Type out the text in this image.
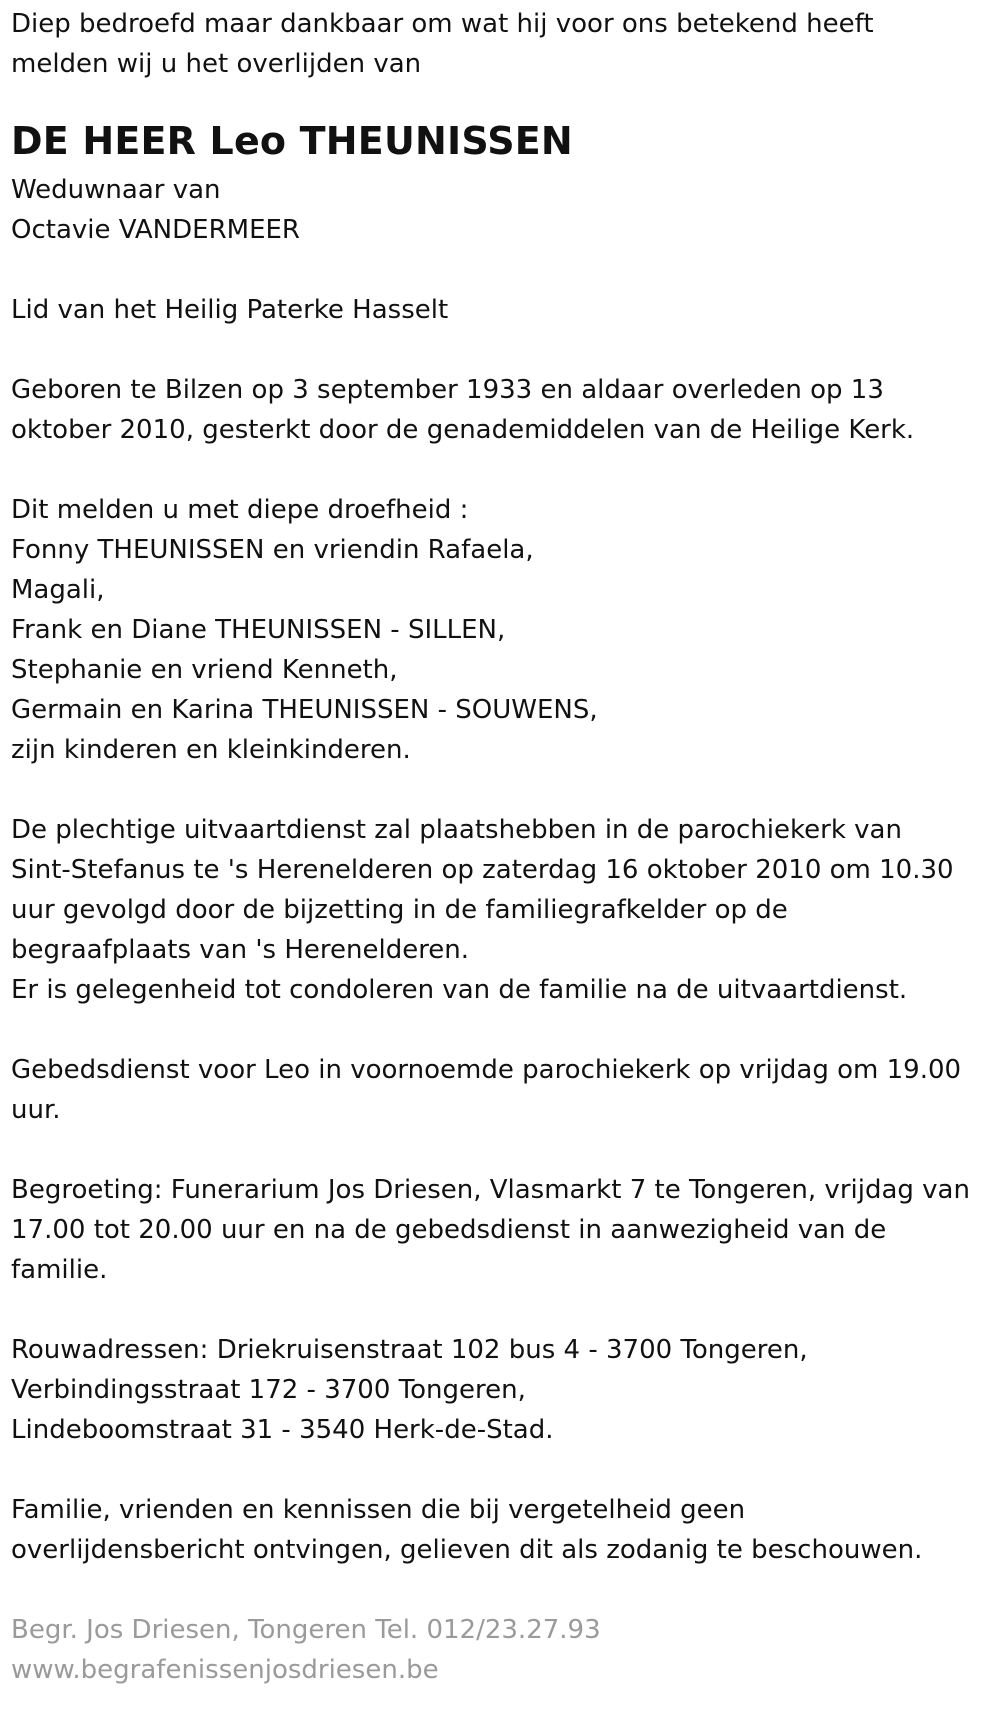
Diep bedroefd maar dankbaar om wat hij voor ons betekend heeft
melden wij u het overlijden van
DE HEER Leo THEUNISSEN
Weduwnaar van
Octavie VANDERMEER
Lid van het Heilig Paterke Hasselt
Geboren te Bilzen op 3 september 1933 en aldaar overleden op 13
oktober 2010, gesterkt door de genademiddelen van de Heilige Kerk.
Dit melden u met diepe droefheid :
Fonny THEUNISSEN en vriendin Rafaela,
Magali,
Frank en Diane THEUNISSEN - SILLEN,
Stephanie en vriend Kenneth,
Germain en Karina THEUNISSEN - SOUWENS,
zijn kinderen en kleinkinderen.
De plechtige uitvaartdienst zal plaatshebben in de parochiekerk van
Sint-Stefanus te 's Herenelderen op zaterdag 16 oktober 2010 om 10.30
uur gevolgd door de bijzetting in de familiegrafkelder op de
begraafplaats van 's Herenelderen.
Er is gelegenheid tot condoleren van de familie na de uitvaartdienst.
Gebedsdienst voor Leo in voornoemde parochiekerk op vrijdag om 19.00
uur.
Begroeting: Funerarium Jos Driesen, Vlasmarkt 7 te Tongeren, vrijdag van
17.00 tot 20.00 uur en na de gebedsdienst in aanwezigheid van de
familie.
Rouwadressen: Driekruisenstraat 102 bus 4 - 3700 Tongeren,
Verbindingsstraat 172 - 3700 Tongeren,
Lindeboomstraat 31 - 3540 Herk-de-Stad.
Familie, vrienden en kennissen die bij vergetelheid geen
overlijdensbericht ontvingen, gelieven dit als zodanig te beschouwen.
Begr. Jos Driesen, Tongeren Tel. 012/23.27.93
www.begrafenissenjosdriesen.be
